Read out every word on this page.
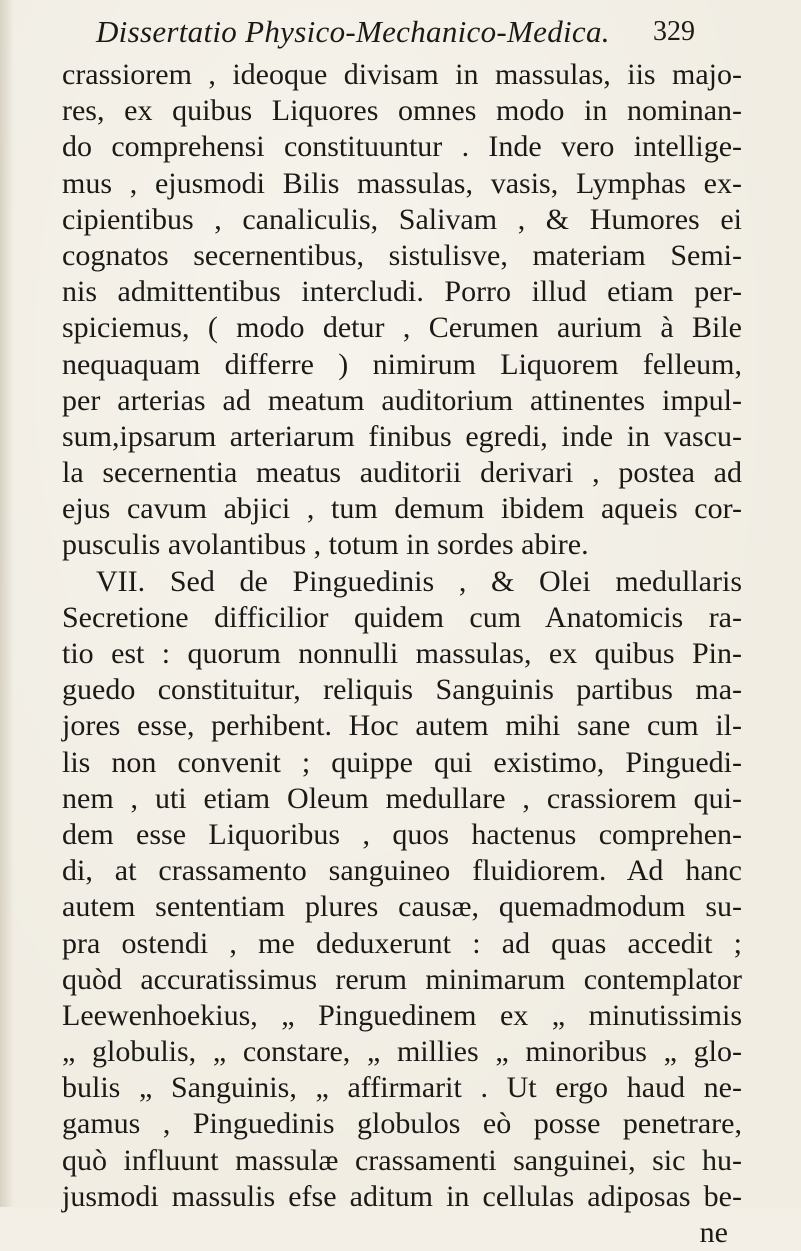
Dissertatio Physico-Mechanico-Medica. 329
crassiorem , ideoque divisam in massulas, iis majo-
res, ex quibus Liquores omnes modo in nominan-
do comprehensi constituuntur . Inde vero intellige-
mus , ejusmodi Bilis massulas, vasis, Lymphas ex-
cipientibus , canaliculis, Salivam , & Humores ei
cognatos secernentibus, sistulisve, materiam Semi-
nis admittentibus intercludi. Porro illud etiam per-
spiciemus, ( modo detur , Cerumen aurium à Bile
nequaquam differre ) nimirum Liquorem felleum,
per arterias ad meatum auditorium attinentes impul-
sum,ipsarum arteriarum finibus egredi, inde in vascu-
la secernentia meatus auditorii derivari , postea ad
ejus cavum abjici , tum demum ibidem aqueis cor-
pusculis avolantibus , totum in sordes abire.
VII. Sed de Pinguedinis , & Olei medullaris
Secretione difficilior quidem cum Anatomicis ra-
tio est : quorum nonnulli massulas, ex quibus Pin-
guedo constituitur, reliquis Sanguinis partibus ma-
jores esse, perhibent. Hoc autem mihi sane cum il-
lis non convenit ; quippe qui existimo, Pinguedi-
nem , uti etiam Oleum medullare , crassiorem qui-
dem esse Liquoribus , quos hactenus comprehen-
di, at crassamento sanguineo fluidiorem. Ad hanc
autem sententiam plures causæ, quemadmodum su-
pra ostendi , me deduxerunt : ad quas accedit ;
quòd accuratissimus rerum minimarum contemplator
Leewenhoekius, „ Pinguedinem ex „ minutissimis
„ globulis, „ constare, „ millies „ minoribus „ glo-
bulis „ Sanguinis, „ affirmarit . Ut ergo haud ne-
gamus , Pinguedinis globulos eò posse penetrare,
quò influunt massulæ crassamenti sanguinei, sic hu-
jusmodi massulis efse aditum in cellulas adiposas be-
ne
